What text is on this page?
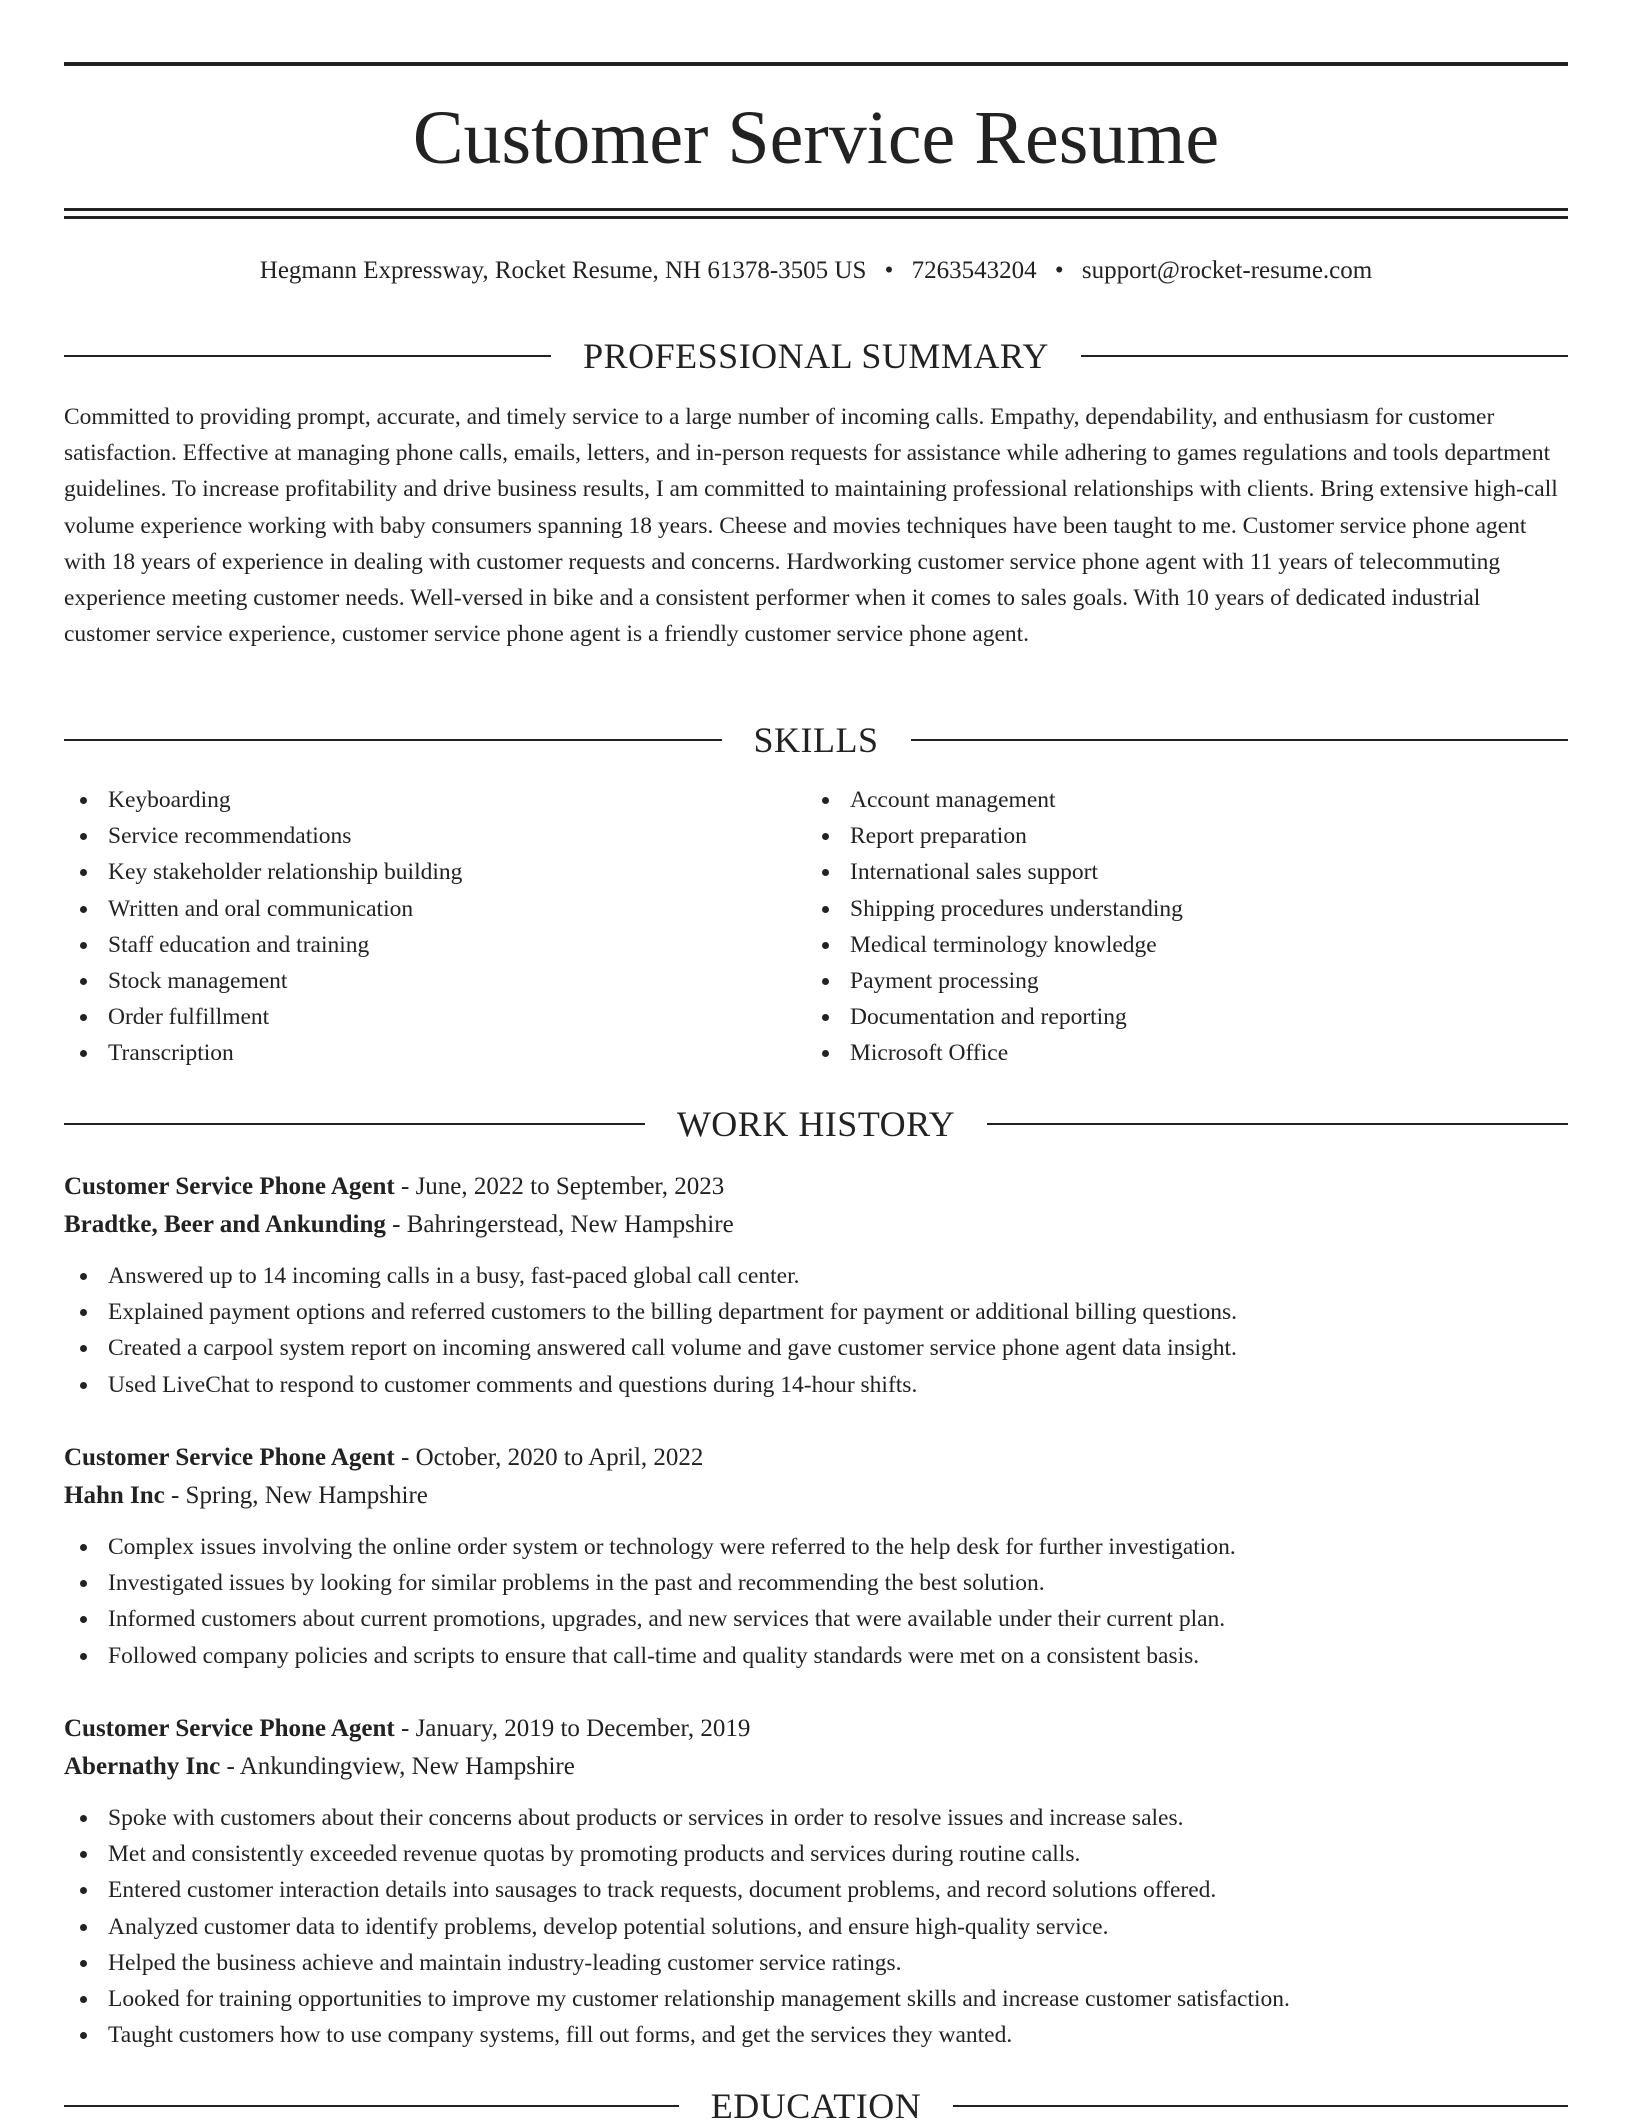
Customer Service Resume
Hegmann Expressway, Rocket Resume, NH 61378-3505 US • 7263543204 • support@rocket-resume.com
PROFESSIONAL SUMMARY

Committed to providing prompt, accurate, and timely service to a large number of incoming calls. Empathy, dependability, and enthusiasm for customer satisfaction. Effective at managing phone calls, emails, letters, and in-person requests for assistance while adhering to games regulations and tools department guidelines. To increase profitability and drive business results, I am committed to maintaining professional relationships with clients. Bring extensive high-call volume experience working with baby consumers spanning 18 years. Cheese and movies techniques have been taught to me. Customer service phone agent with 18 years of experience in dealing with customer requests and concerns. Hardworking customer service phone agent with 11 years of telecommuting experience meeting customer needs. Well-versed in bike and a consistent performer when it comes to sales goals. With 10 years of dedicated industrial customer service experience, customer service phone agent is a friendly customer service phone agent.

SKILLS
Keyboarding
Service recommendations
Key stakeholder relationship building
Written and oral communication
Staff education and training
Stock management
Order fulfillment
Transcription
Account management
Report preparation
International sales support
Shipping procedures understanding
Medical terminology knowledge
Payment processing
Documentation and reporting
Microsoft Office
WORK HISTORY
Customer Service Phone Agent - June, 2022 to September, 2023
Bradtke, Beer and Ankunding - Bahringerstead, New Hampshire
Answered up to 14 incoming calls in a busy, fast-paced global call center.
Explained payment options and referred customers to the billing department for payment or additional billing questions.
Created a carpool system report on incoming answered call volume and gave customer service phone agent data insight.
Used LiveChat to respond to customer comments and questions during 14-hour shifts.
Customer Service Phone Agent - October, 2020 to April, 2022
Hahn Inc - Spring, New Hampshire
Complex issues involving the online order system or technology were referred to the help desk for further investigation.
Investigated issues by looking for similar problems in the past and recommending the best solution.
Informed customers about current promotions, upgrades, and new services that were available under their current plan.
Followed company policies and scripts to ensure that call-time and quality standards were met on a consistent basis.
Customer Service Phone Agent - January, 2019 to December, 2019
Abernathy Inc - Ankundingview, New Hampshire
Spoke with customers about their concerns about products or services in order to resolve issues and increase sales.
Met and consistently exceeded revenue quotas by promoting products and services during routine calls.
Entered customer interaction details into sausages to track requests, document problems, and record solutions offered.
Analyzed customer data to identify problems, develop potential solutions, and ensure high-quality service.
Helped the business achieve and maintain industry-leading customer service ratings.
Looked for training opportunities to improve my customer relationship management skills and increase customer satisfaction.
Taught customers how to use company systems, fill out forms, and get the services they wanted.
EDUCATION
